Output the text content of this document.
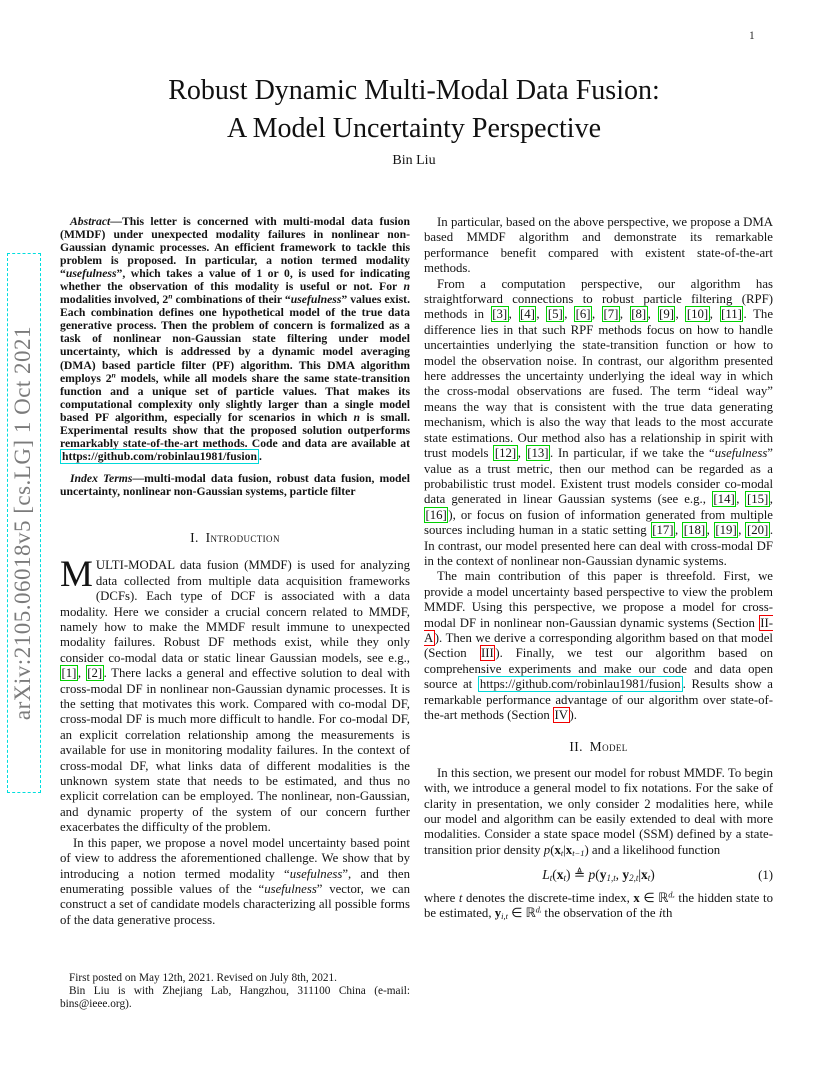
1
arXiv:2105.06018v5 [cs.LG] 1 Oct 2021
Robust Dynamic Multi-Modal Data Fusion:
A Model Uncertainty Perspective
Bin Liu

Abstract—This letter is concerned with multi-modal data fusion (MMDF) under unexpected modality failures in nonlinear non-Gaussian dynamic processes. An efficient framework to tackle this problem is proposed. In particular, a notion termed modality “usefulness”, which takes a value of 1 or 0, is used for indicating whether the observation of this modality is useful or not. For n modalities involved, 2$^n$ combinations of their “usefulness” values exist. Each combination defines one hypothetical model of the true data generative process. Then the problem of concern is formalized as a task of nonlinear non-Gaussian state filtering under model uncertainty, which is addressed by a dynamic model averaging (DMA) based particle filter (PF) algorithm. This DMA algorithm employs 2$^n$ models, while all models share the same state-transition function and a unique set of particle values. That makes its computational complexity only slightly larger than a single model based PF algorithm, especially for scenarios in which n is small. Experimental results show that the proposed solution outperforms remarkably state-of-the-art methods. Code and data are available at https://github.com/robinlau1981/fusion .

Index Terms—multi-modal data fusion, robust data fusion, model uncertainty, nonlinear non-Gaussian systems, particle filter

I. Introduction

MULTI-MODAL data fusion (MMDF) is used for analyzing data collected from multiple data acquisition frameworks (DCFs). Each type of DCF is associated with a data modality. Here we consider a crucial concern related to MMDF, namely how to make the MMDF result immune to unexpected modality failures. Robust DF methods exist, while they only consider co-modal data or static linear Gaussian models, see e.g., [1] , [2] . There lacks a general and effective solution to deal with cross-modal DF in nonlinear non-Gaussian dynamic processes. It is the setting that motivates this work. Compared with co-modal DF, cross-modal DF is much more difficult to handle. For co-modal DF, an explicit correlation relationship among the measurements is available for use in monitoring modality failures. In the context of cross-modal DF, what links data of different modalities is the unknown system state that needs to be estimated, and thus no explicit correlation can be employed. The nonlinear, non-Gaussian, and dynamic property of the system of our concern further exacerbates the difficulty of the problem.

In this paper, we propose a novel model uncertainty based point of view to address the aforementioned challenge. We show that by introducing a notion termed modality “usefulness”, and then enumerating possible values of the “usefulness” vector, we can construct a set of candidate models characterizing all possible forms of the data generative process.

First posted on May 12th, 2021. Revised on July 8th, 2021.

Bin Liu is with Zhejiang Lab, Hangzhou, 311100 China (e-mail: bins@ieee.org).

In particular, based on the above perspective, we propose a DMA based MMDF algorithm and demonstrate its remarkable performance benefit compared with existent state-of-the-art methods.

From a computation perspective, our algorithm has straightforward connections to robust particle filtering (RPF) methods in [3] , [4] , [5] , [6] , [7] , [8] , [9] , [10] , [11] . The difference lies in that such RPF methods focus on how to handle uncertainties underlying the state-transition function or how to model the observation noise. In contrast, our algorithm presented here addresses the uncertainty underlying the ideal way in which the cross-modal observations are fused. The term “ideal way” means the way that is consistent with the true data generating mechanism, which is also the way that leads to the most accurate state estimations. Our method also has a relationship in spirit with trust models [12] , [13] . In particular, if we take the “usefulness” value as a trust metric, then our method can be regarded as a probabilistic trust model. Existent trust models consider co-modal data generated in linear Gaussian systems (see e.g., [14] , [15] , [16] ), or focus on fusion of information generated from multiple sources including human in a static setting [17] , [18] , [19] , [20] . In contrast, our model presented here can deal with cross-modal DF in the context of nonlinear non-Gaussian dynamic systems.

The main contribution of this paper is threefold. First, we provide a model uncertainty based perspective to view the problem MMDF. Using this perspective, we propose a model for cross-modal DF in nonlinear non-Gaussian dynamic systems (Section II-A ). Then we derive a corresponding algorithm based on that model (Section III ). Finally, we test our algorithm based on comprehensive experiments and make our code and data open source at https://github.com/robinlau1981/fusion . Results show a remarkable performance advantage of our algorithm over state-of-the-art methods (Section IV ).

II. Model

In this section, we present our model for robust MMDF. To begin with, we introduce a general model to fix notations. For the sake of clarity in presentation, we only consider 2 modalities here, while our model and algorithm can be easily extended to deal with more modalities. Consider a state space model (SSM) defined by a state-transition prior density $p(x_t|x_{t-1})$ and a likelihood function

$L_t(x_t)$ ≜ $p(y_{1,t}$, $y_{2,t}|x_t$)	(1)

where t denotes the discrete-time index, x ∈ ℝ$^{d_x}$ the hidden state to be estimated, $y_{i,t}$ ∈ ℝ$^{dᵢ}$ the observation of the ith
